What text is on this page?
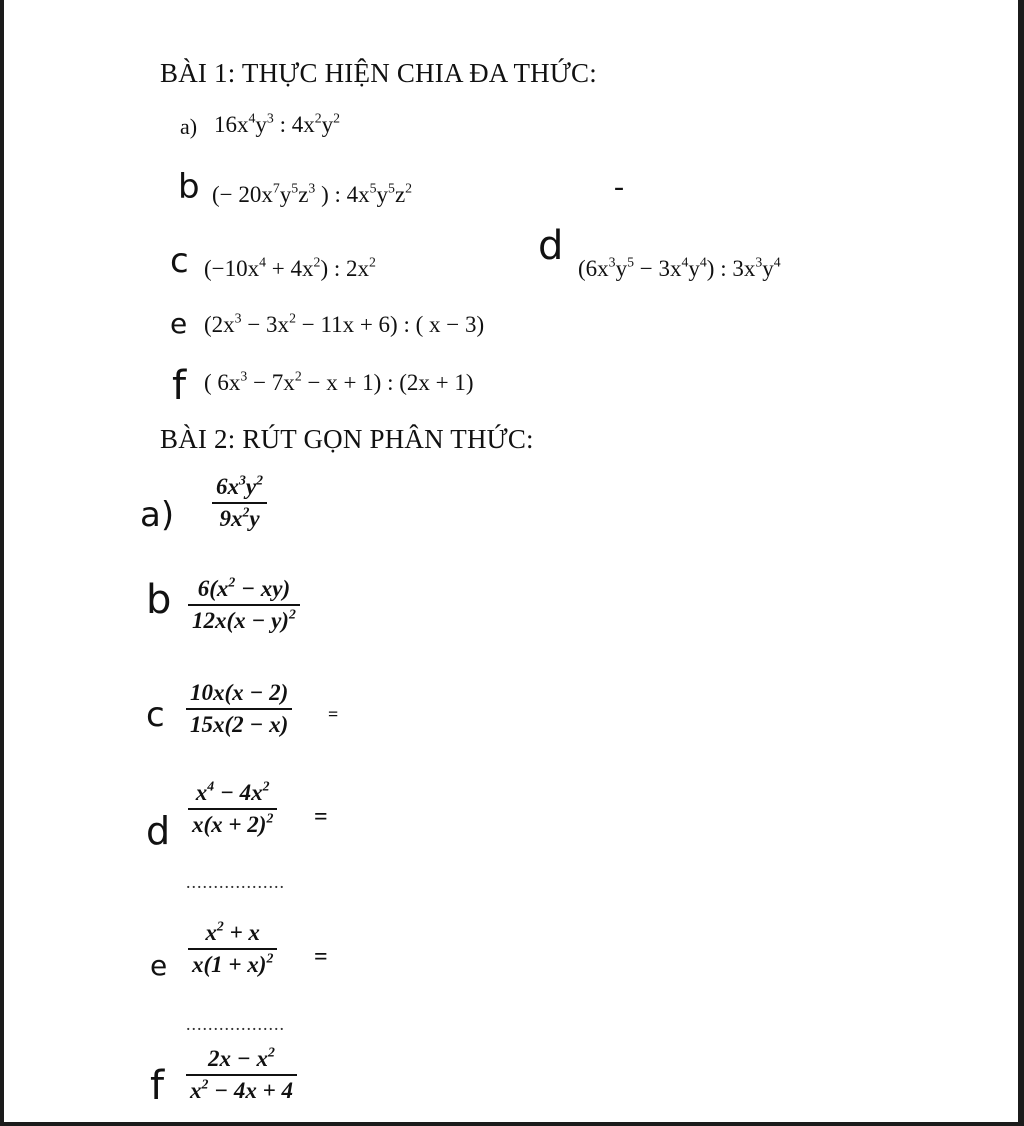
BÀI 1: THỰC HIỆN CHIA ĐA THỨC:
a) $16x^4y^3$ : $4x^2y^2$
b (− $20x^7y^5z^3$ ) : $4x^5y^5z^2$	-
c $(-10x^4 + 4x^2)$ : $2x^2$	d $(6x^3y^5 - 3x^4y^4)$ : $3x^3y^4$
e $(2x^3 - 3x^2 - 11x + 6)$ : ( x − 3)
f ( $6x^3 - 7x^2 - x + 1$) : (2x + 1)
BÀI 2: RÚT GỌN PHÂN THỨC:
a)
$6x^3y^2$
$9x^2y$
b $6(x^2 - xy)$
$12x(x - y)^2$
c
10x(x − 2)
15x(2 − x) =
d
$x^4 - 4x^2$
$x(x + 2)^2$ =
..................
e
$x^2 + x$
$x(1 + x)^2$ =
..................
f
$2x - x^2$
$x^2 - 4x + 4$
